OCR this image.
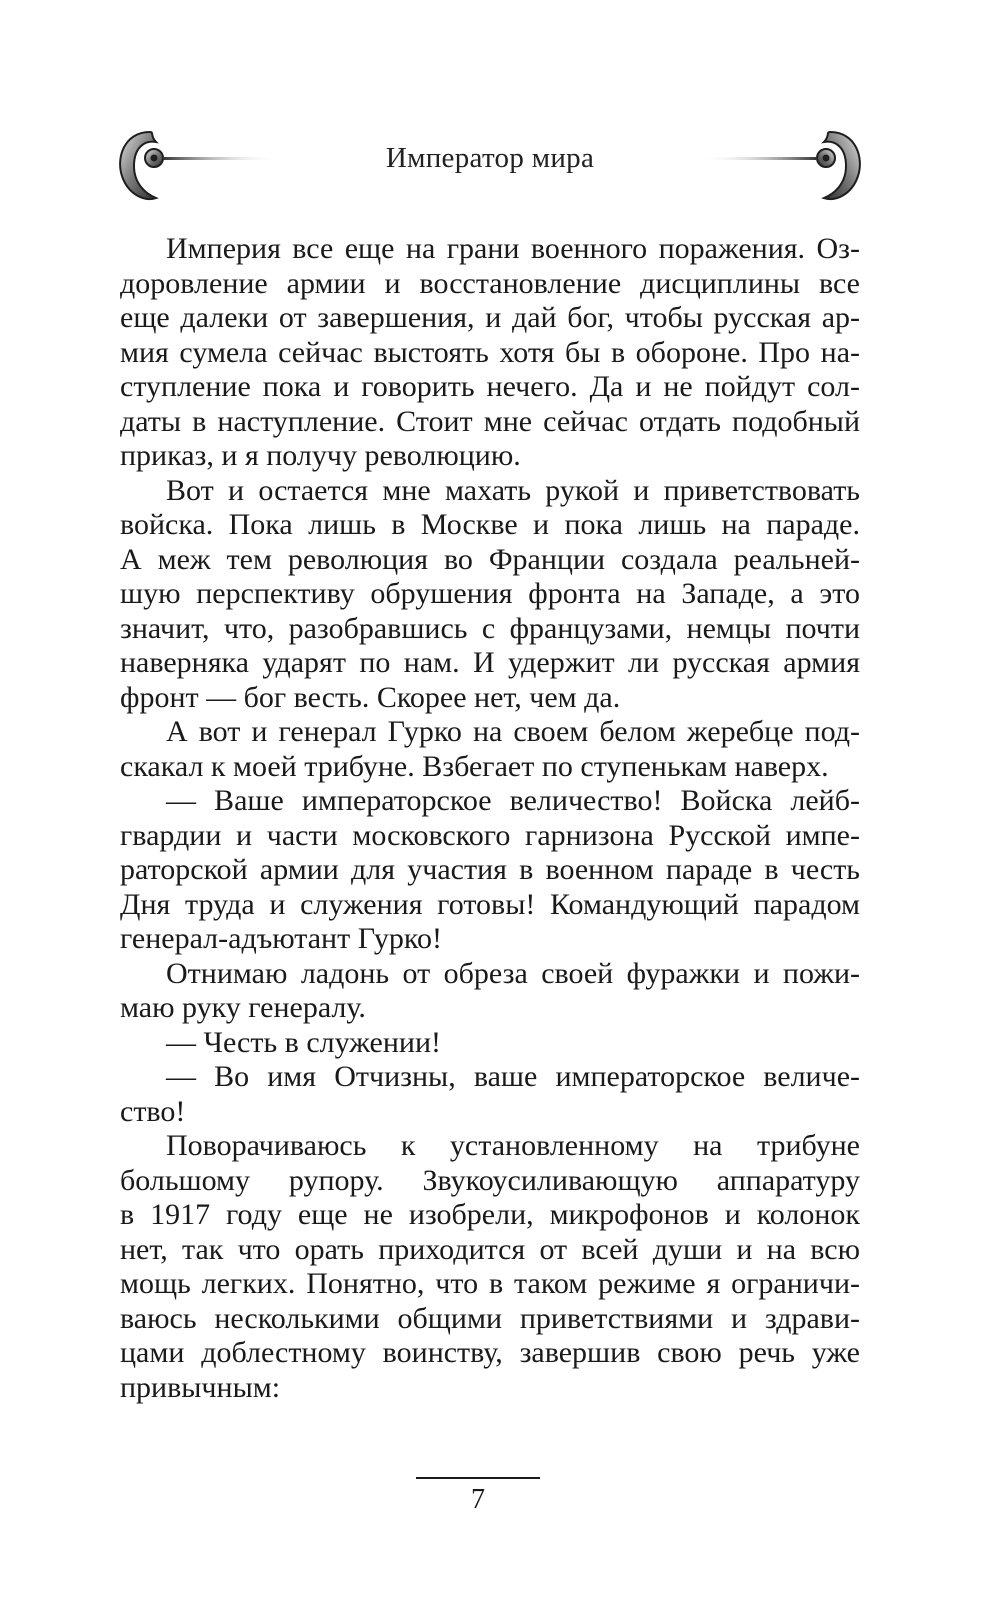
Император мира

Империя все еще на грани военного поражения. Оз-
доровление армии и восстановление дисциплины все
еще далеки от завершения, и дай бог, чтобы русская ар-
мия сумела сейчас выстоять хотя бы в обороне. Про на-
ступление пока и говорить нечего. Да и не пойдут сол-
даты в наступление. Стоит мне сейчас отдать подобный
приказ, и я получу революцию.

Вот и остается мне махать рукой и приветствовать
войска. Пока лишь в Москве и пока лишь на параде.
А меж тем революция во Франции создала реальней-
шую перспективу обрушения фронта на Западе, а это
значит, что, разобравшись с французами, немцы почти
наверняка ударят по нам. И удержит ли русская армия
фронт — бог весть. Скорее нет, чем да.

А вот и генерал Гурко на своем белом жеребце под-
скакал к моей трибуне. Взбегает по ступенькам наверх.

— Ваше императорское величество! Войска лейб-
гвардии и части московского гарнизона Русской импе-
раторской армии для участия в военном параде в честь
Дня труда и служения готовы! Командующий парадом
генерал-адъютант Гурко!

Отнимаю ладонь от обреза своей фуражки и пожи-
маю руку генералу.

— Честь в служении!

— Во имя Отчизны, ваше императорское величе-
ство!

Поворачиваюсь к установленному на трибуне
большому рупору. Звукоусиливающую аппаратуру
в 1917 году еще не изобрели, микрофонов и колонок
нет, так что орать приходится от всей души и на всю
мощь легких. Понятно, что в таком режиме я ограничи-
ваюсь несколькими общими приветствиями и здрави-
цами доблестному воинству, завершив свою речь уже
привычным:

7
